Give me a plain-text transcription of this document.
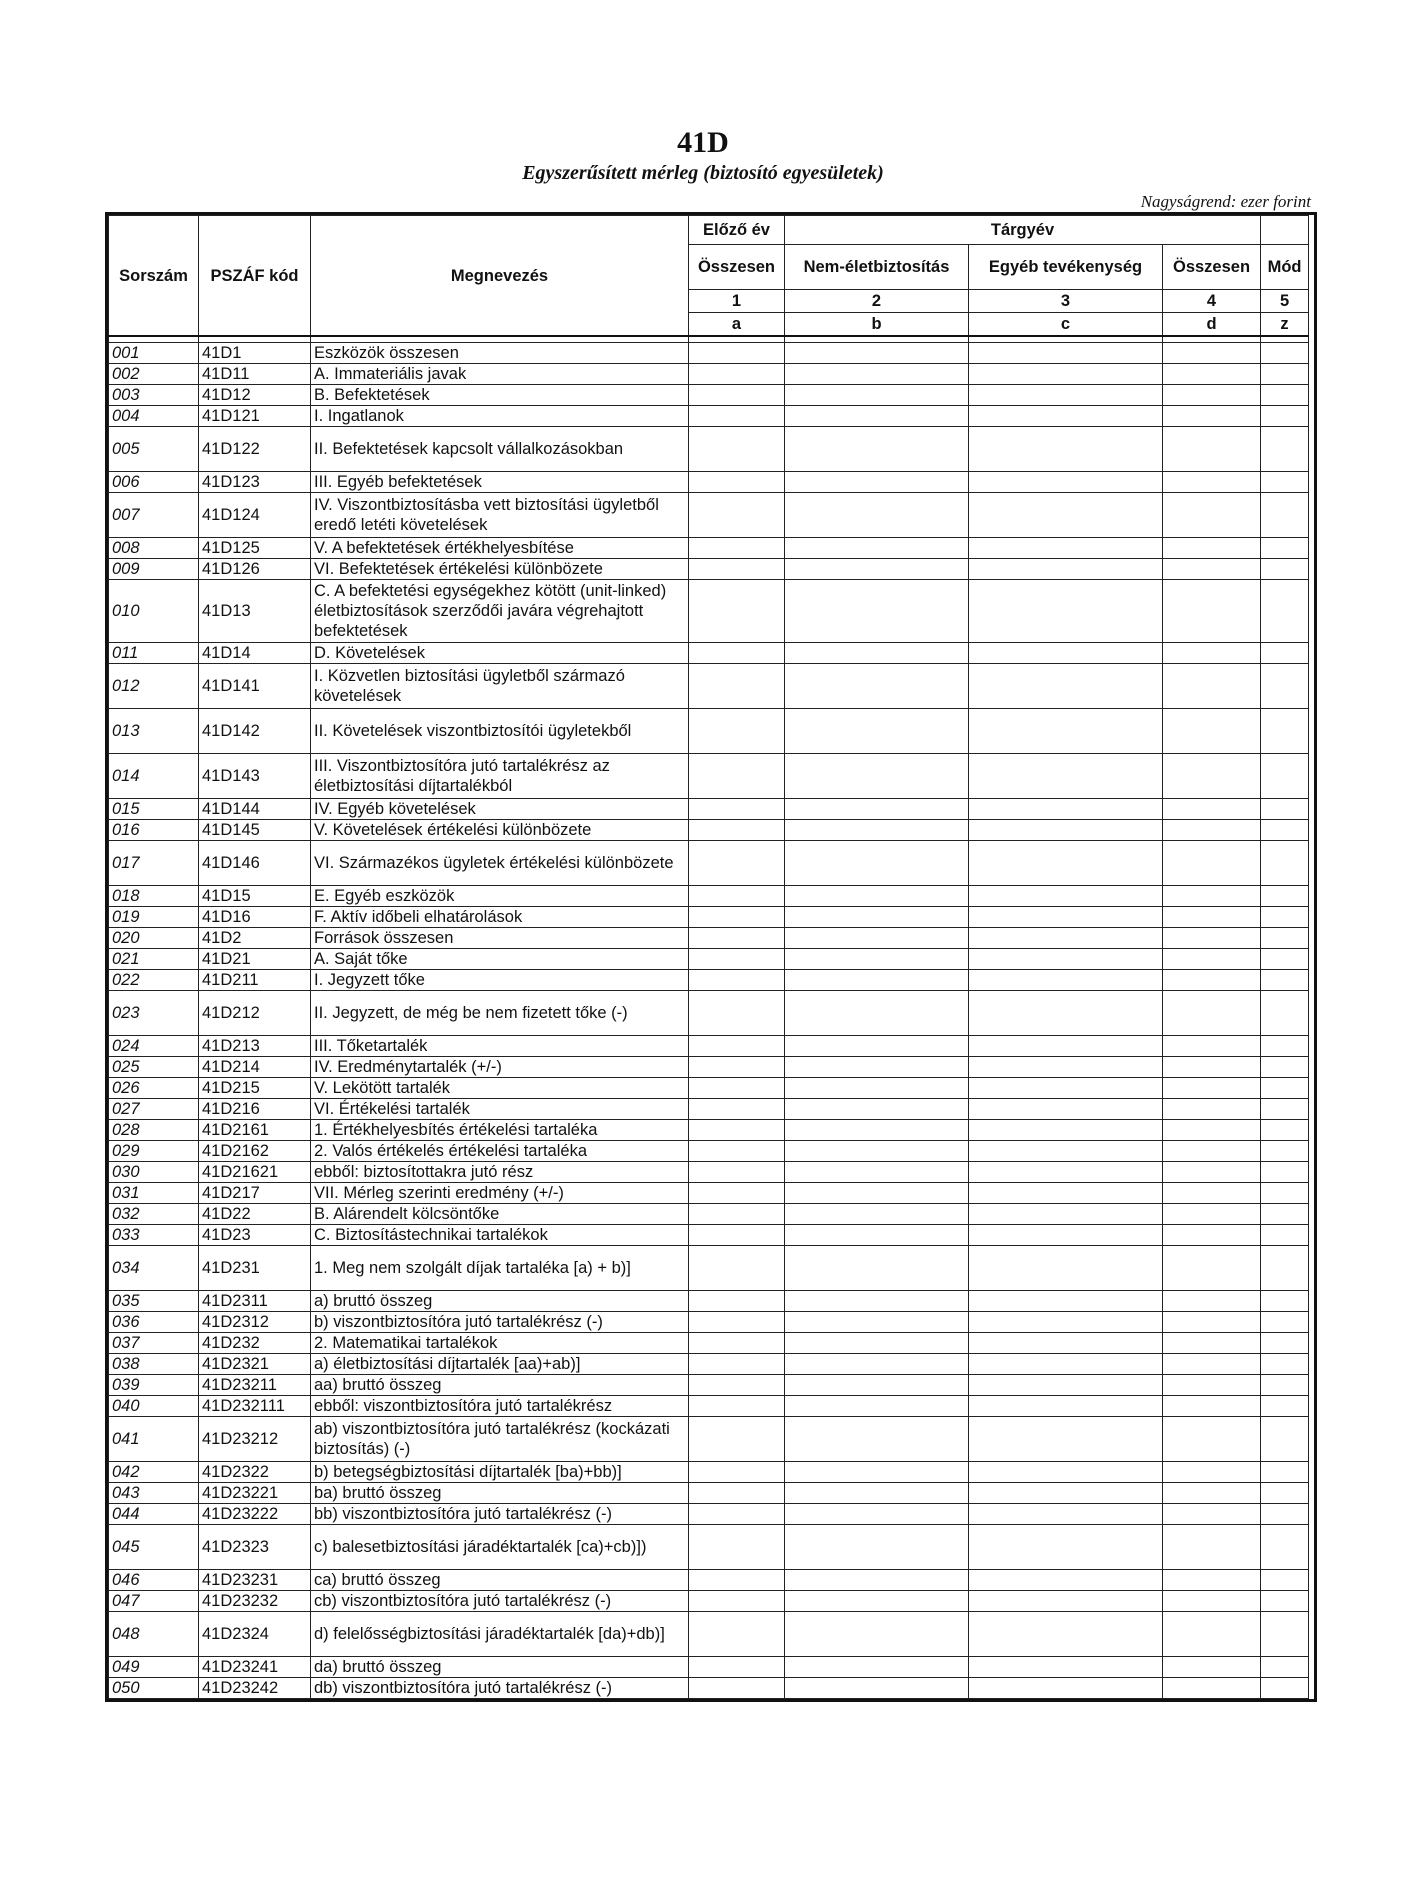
41D
Egyszerűsített mérleg (biztosító egyesületek)
Nagyságrend: ezer forint
Sorszám	PSZÁF kód	Megnevezés	Előző év	Tárgyév			
			Összesen	Nem-életbiztosítás	Egyéb tevékenység	Összesen	Mód
			1	2	3	4	5
			a	b	c	d	z

001	41D1	Eszközök összesen					
002	41D11	A. Immateriális javak					
003	41D12	B. Befektetések					
004	41D121	I. Ingatlanok					
005	41D122	II. Befektetések kapcsolt vállalkozásokban					
006	41D123	III. Egyéb befektetések					
007	41D124	IV. Viszontbiztosításba vett biztosítási ügyletből eredő letéti követelések					
008	41D125	V. A befektetések értékhelyesbítése					
009	41D126	VI. Befektetések értékelési különbözete					
010	41D13	C. A befektetési egységekhez kötött (unit-linked) életbiztosítások szerződői javára végrehajtott befektetések					
011	41D14	D. Követelések					
012	41D141	I. Közvetlen biztosítási ügyletből származó követelések					
013	41D142	II. Követelések viszontbiztosítói ügyletekből					
014	41D143	III. Viszontbiztosítóra jutó tartalékrész az életbiztosítási díjtartalékból					
015	41D144	IV. Egyéb követelések					
016	41D145	V. Követelések értékelési különbözete					
017	41D146	VI. Származékos ügyletek értékelési különbözete					
018	41D15	E. Egyéb eszközök					
019	41D16	F. Aktív időbeli elhatárolások					
020	41D2	Források összesen					
021	41D21	A. Saját tőke					
022	41D211	I. Jegyzett tőke					
023	41D212	II. Jegyzett, de még be nem fizetett tőke (-)					
024	41D213	III. Tőketartalék					
025	41D214	IV. Eredménytartalék (+/-)					
026	41D215	V. Lekötött tartalék					
027	41D216	VI. Értékelési tartalék					
028	41D2161	1. Értékhelyesbítés értékelési tartaléka					
029	41D2162	2. Valós értékelés értékelési tartaléka					
030	41D21621	ebből: biztosítottakra jutó rész					
031	41D217	VII. Mérleg szerinti eredmény (+/-)					
032	41D22	B. Alárendelt kölcsöntőke					
033	41D23	C. Biztosítástechnikai tartalékok					
034	41D231	1. Meg nem szolgált díjak tartaléka [a) + b)]					
035	41D2311	a) bruttó összeg					
036	41D2312	b) viszontbiztosítóra jutó tartalékrész (-)					
037	41D232	2. Matematikai tartalékok					
038	41D2321	a) életbiztosítási díjtartalék [aa)+ab)]					
039	41D23211	aa) bruttó összeg					
040	41D232111	ebből: viszontbiztosítóra jutó tartalékrész					
041	41D23212	ab) viszontbiztosítóra jutó tartalékrész (kockázati biztosítás) (-)					
042	41D2322	b) betegségbiztosítási díjtartalék [ba)+bb)]					
043	41D23221	ba) bruttó összeg					
044	41D23222	bb) viszontbiztosítóra jutó tartalékrész (-)					
045	41D2323	c) balesetbiztosítási járadéktartalék [ca)+cb)])					
046	41D23231	ca) bruttó összeg					
047	41D23232	cb) viszontbiztosítóra jutó tartalékrész (-)					
048	41D2324	d) felelősségbiztosítási járadéktartalék [da)+db)]					
049	41D23241	da) bruttó összeg					
050	41D23242	db) viszontbiztosítóra jutó tartalékrész (-)					
